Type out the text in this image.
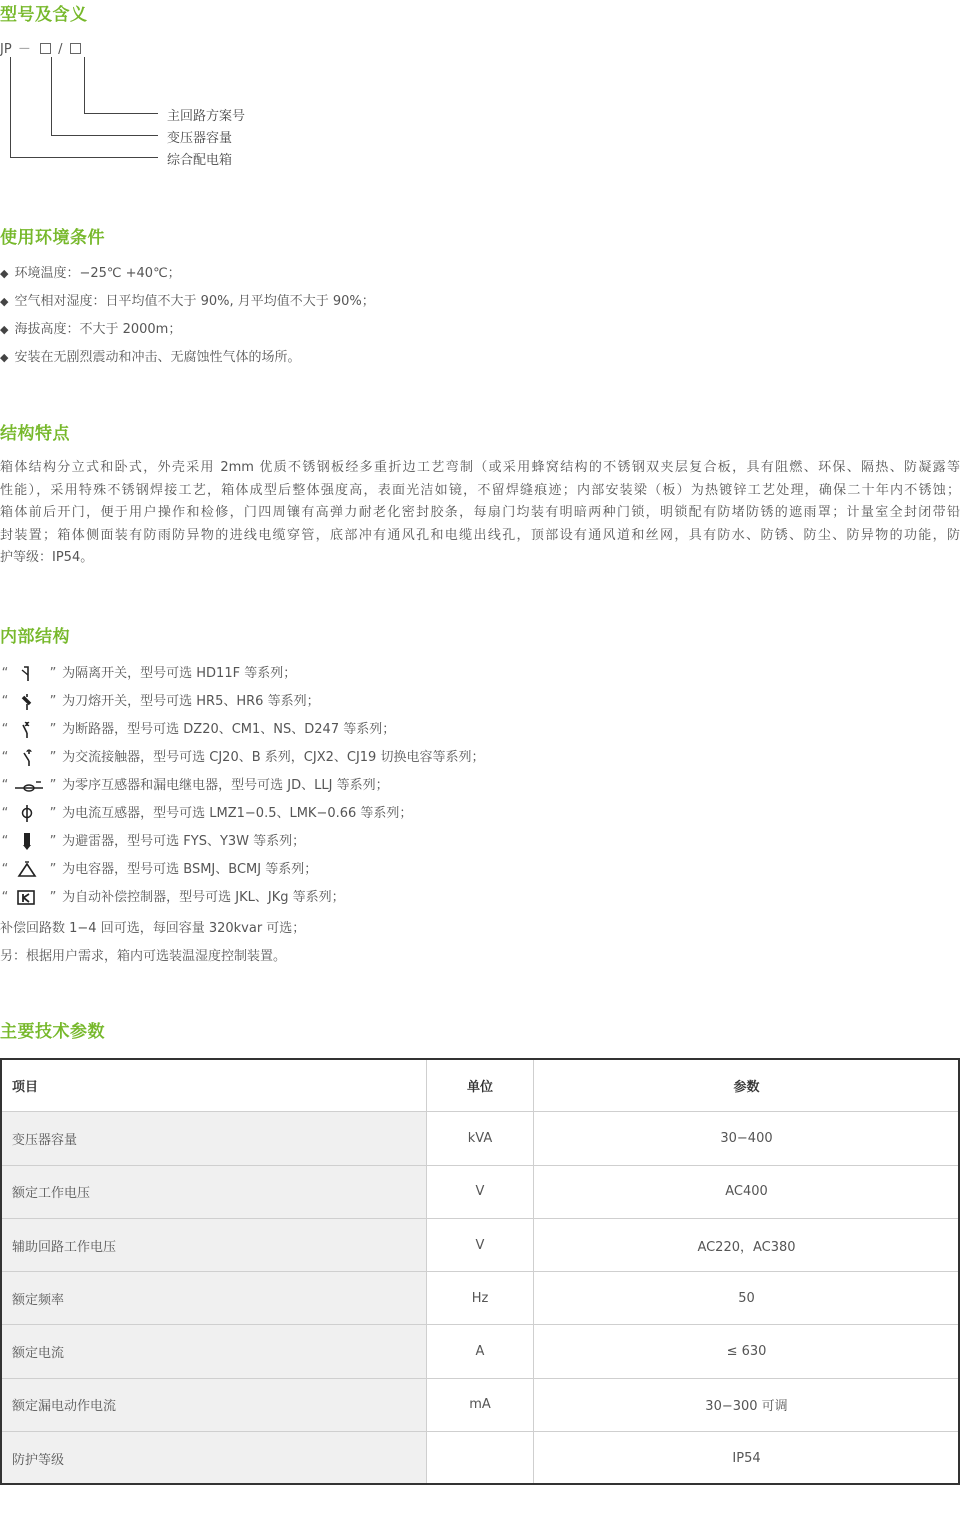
型号及含义
JP － /
主回路方案号
变压器容量
综合配电箱
使用环境条件
◆ 环境温度：−25℃ +40℃；
◆ 空气相对湿度：日平均值不大于 90%, 月平均值不大于 90%；
◆ 海拔高度：不大于 2000m；
◆ 安装在无剧烈震动和冲击、无腐蚀性气体的场所。
结构特点
箱体结构分立式和卧式，外壳采用 2mm 优质不锈钢板经多重折边工艺弯制（或采用蜂窝结构的不锈钢双夹层复合板，具有阻燃、环保、隔热、防凝露等
性能），采用特殊不锈钢焊接工艺，箱体成型后整体强度高，表面光洁如镜，不留焊缝痕迹；内部安装梁（板）为热镀锌工艺处理，确保二十年内不锈蚀；
箱体前后开门，便于用户操作和检修，门四周镶有高弹力耐老化密封胶条，每扇门均装有明暗两种门锁，明锁配有防堵防锈的遮雨罩；计量室全封闭带铅
封装置；箱体侧面装有防雨防异物的进线电缆穿管，底部冲有通风孔和电缆出线孔，顶部设有通风道和丝网，具有防水、防锈、防尘、防异物的功能，防
护等级：IP54。
内部结构
“	” 为隔离开关，型号可选 HD11F 等系列；
“	” 为刀熔开关，型号可选 HR5、HR6 等系列；
“	” 为断路器，型号可选 DZ20、CM1、NS、D247 等系列；
“	” 为交流接触器，型号可选 CJ20、B 系列，CJX2、CJ19 切换电容等系列；
“	” 为零序互感器和漏电继电器，型号可选 JD、LLJ 等系列；
“	” 为电流互感器，型号可选 LMZ1−0.5、LMK−0.66 等系列；
“	” 为避雷器，型号可选 FYS、Y3W 等系列；
“	” 为电容器，型号可选 BSMJ、BCMJ 等系列；
“	” 为自动补偿控制器，型号可选 JKL、JKg 等系列；
补偿回路数 1−4 回可选，每回容量 320kvar 可选；
另：根据用户需求，箱内可选装温湿度控制装置。
主要技术参数
项目	单位	参数
变压器容量	kVA	30−400
额定工作电压	V	AC400
辅助回路工作电压	V	AC220，AC380
额定频率	Hz	50
额定电流	A	≤ 630
额定漏电动作电流	mA	30−300 可调
防护等级		IP54
